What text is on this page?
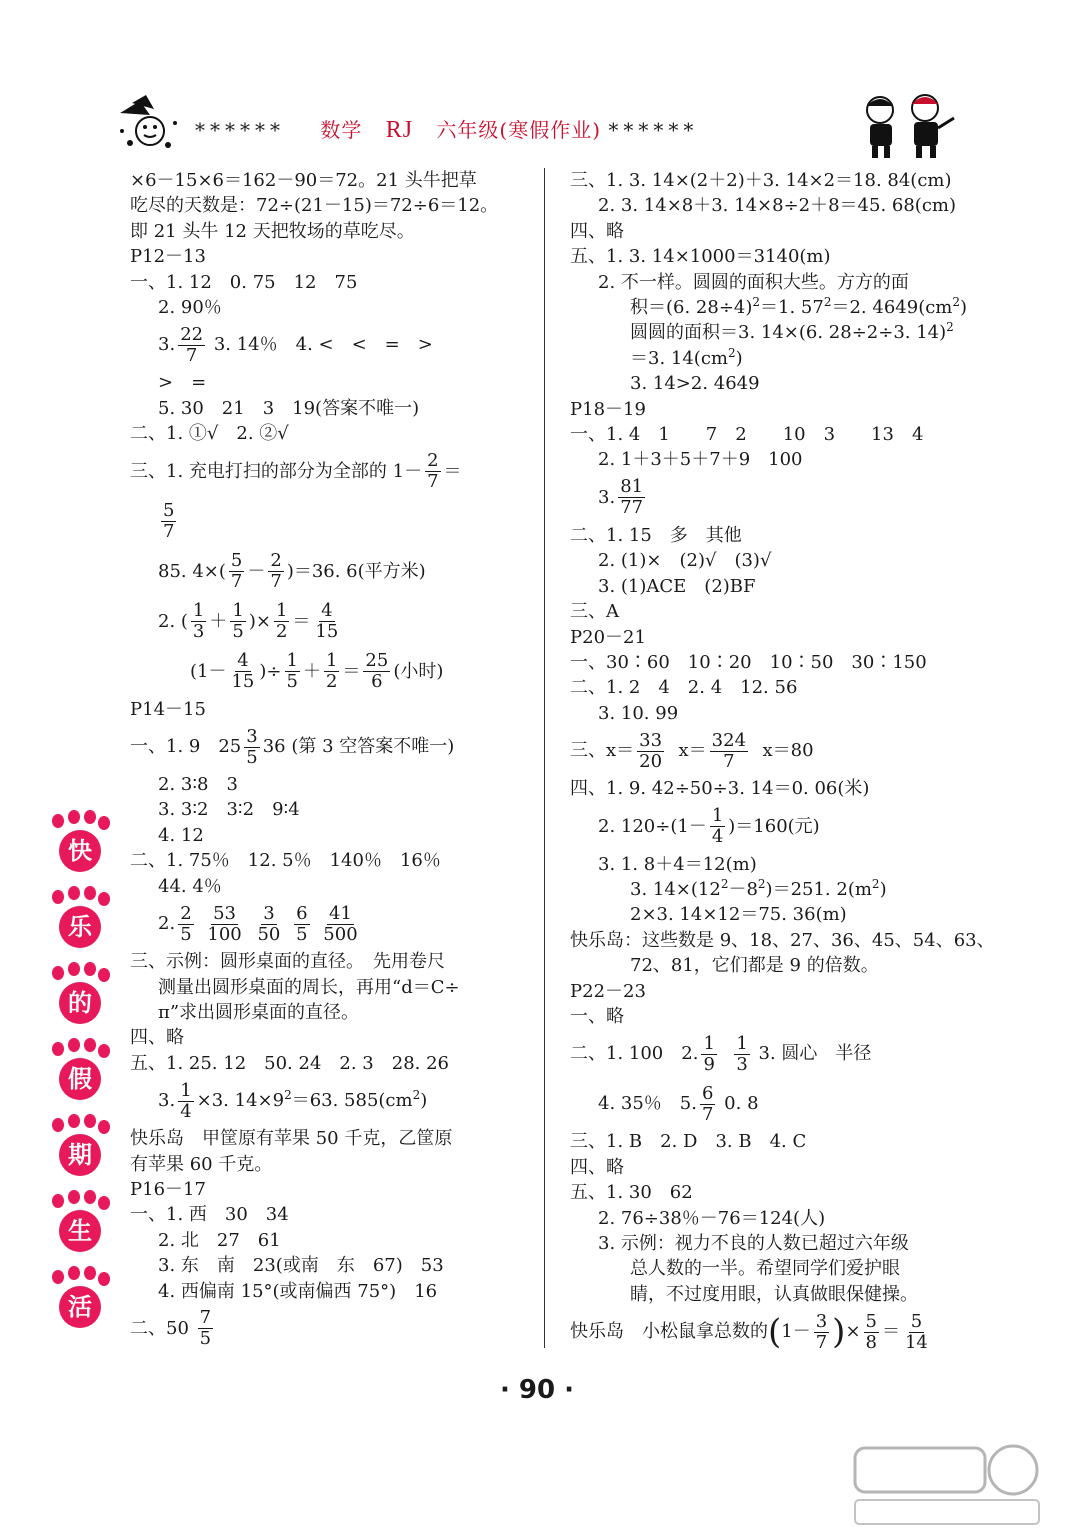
****** 数学 RJ 六年级(寒假作业) ******
×6－15×6＝162－90＝72。21 头牛把草
吃尽的天数是：72÷(21－15)＝72÷6＝12。
即 21 头牛 12 天把牧场的草吃尽。
P12－13
一、1. 12　0. 75　12　75
2. 90％
3. $\frac{22}{7} 3$. 14％　4. <　<　=　>
>　=
5. 30　21　3　19(答案不唯一)
二、1. ①√　2. ②√
三、1. 充电打扫的部分为全部的 $1- \frac{2}{7}$ ＝
$\frac{5}{7}$
85. $4\times( \frac{5}{7} - \frac{2}{7} )=36$. 6(平方米)
2. ( $\frac{1}{3} + \frac{1}{5}$ )× $\frac{1}{2} = \frac{4}{15}$
($1- \frac{4}{15}$ )÷ $\frac{1}{5} + \frac{1}{2} = \frac{25}{6}$ (小时)
P14－15
一、1. 9　$25 \frac{3}{5} 36$ (第 3 空答案不唯一)
2. 3∶8　3
3. 3∶2　3∶2　9∶4
4. 12
二、1. 75％　12. 5％　140％　16％
44. 4％
2. $\frac{2}{5}$
$\frac{53}{100}$
$\frac{3}{50}$
$\frac{6}{5}$
$\frac{41}{500}$
三、示例：圆形桌面的直径。　先用卷尺
测量出圆形桌面的周长，再用“d＝C÷
π”求出圆形桌面的直径。
四、略
五、1. 25. 12　50. 24　2. 3　28. 26
3. $\frac{1}{4} \times 3$. $14\times 9^2=63$. $585(cm^2)$
快乐岛　甲筐原有苹果 50 千克，乙筐原
有苹果 60 千克。
P16－17
一、1. 西　30　34
2. 北　27　61
3. 东　南　23(或南　东　67)　53
4. 西偏南 15°(或南偏西 75°)　16
二、$50 \frac{7}{5}$
三、1. 3. 14×(2＋2)＋3. 14×2＝18. 84(cm)
2. 3. 14×8＋3. 14×8÷2＋8＝45. 68(cm)
四、略
五、1. 3. 14×1000＝3140(m)
2. 不一样。圆圆的面积大些。方方的面
积＝(6. 28÷4)$^2$＝1. $57^2=2$. $4649(cm^2)$
圆圆的面积＝3. 14×(6. 28÷2÷3. 14)$^2$
＝3. $14(cm^2)$
3. 14>2. 4649
P18－19
一、1. 4　1　　7　2　　10　3　　13　4
2. 1＋3＋5＋7＋9　100
3. $\frac{81}{77}$
二、1. 15　多　其他
2. (1)×　(2)√　(3)√
3. (1)ACE　(2)BF
三、A
P20－21
一、30∶60　10∶20　10∶50　30∶150
二、1. 2　4　2. 4　12. 56
3. 10. 99
三、$x= \frac{33}{20} x= \frac{324}{7} x=80$
四、1. 9. 42÷50÷3. 14＝0. 06(米)
2. $120\div(1- \frac{1}{4} )=160$(元)
3. 1. 8＋4＝12(m)
3. $14\times(12^2-8^2)=251$. $2(m^2)$
2×3. 14×12＝75. 36(m)
快乐岛：这些数是 9、18、27、36、45、54、63、
72、81，它们都是 9 的倍数。
P22－23
一、略
二、1. 100　2. $\frac{1}{9}$
$\frac{1}{3} 3$. 圆心　半径
4. 35％　5. $\frac{6}{7} 0$. 8
三、1. B　2. D　3. B　4. C
四、略
五、1. 30　62
2. 76÷38％－76＝124(人)
3. 示例：视力不良的人数已超过六年级
总人数的一半。希望同学们爱护眼
睛，不过度用眼，认真做眼保健操。
快乐岛　小松鼠拿总数的($1- \frac{3}{7}$ )× $\frac{5}{8} = \frac{5}{14}$
快
乐
的
假
期
生
活
· 90 ·
